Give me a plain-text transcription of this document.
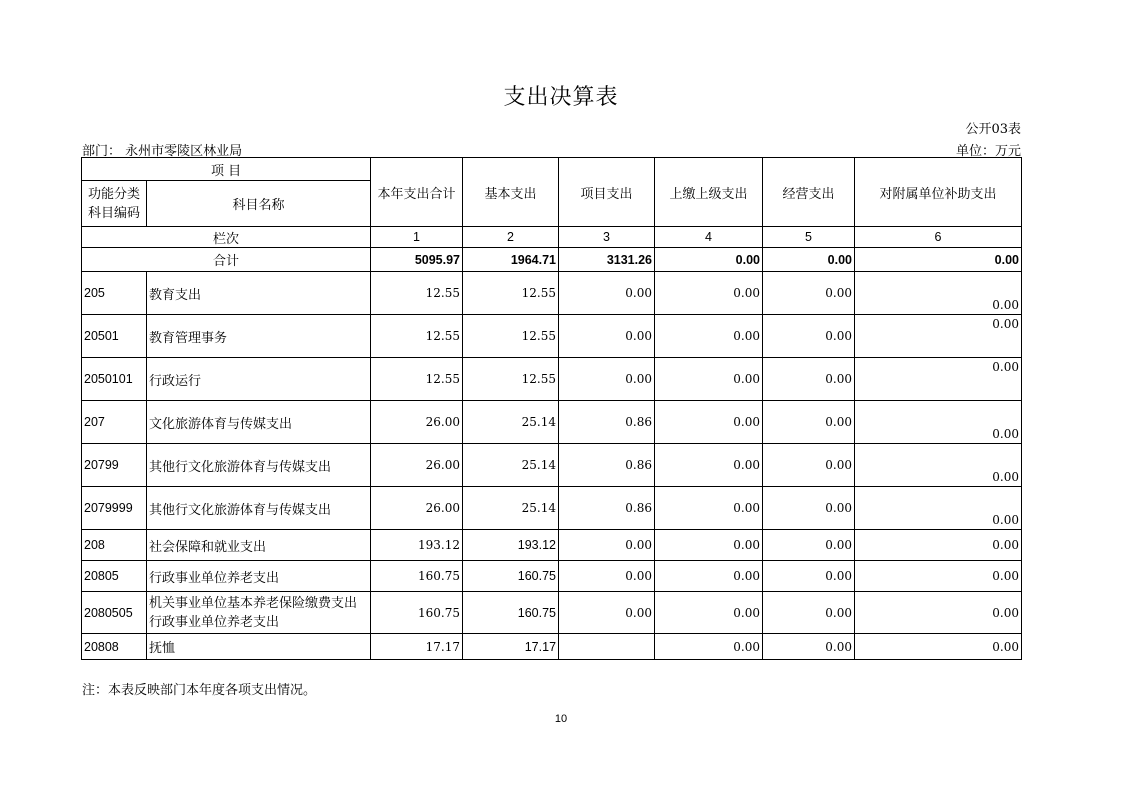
支出决算表
公开03表
部门： 永州市零陵区林业局	单位：万元
项 目		本年支出合计	基本支出	项目支出	上缴上级支出	经营支出	对附属单位补助支出
功能分类科目编码	科目名称						
栏次		1	2	3	4	5	6
合计		5095.97	1964.71	3131.26	0.00	0.00	0.00
205	教育支出	12.55	12.55	0.00	0.00	0.00	0.00
20501	教育管理事务	12.55	12.55	0.00	0.00	0.00	0.00
2050101	行政运行	12.55	12.55	0.00	0.00	0.00	0.00
207	文化旅游体育与传媒支出	26.00	25.14	0.86	0.00	0.00	0.00
20799	其他行文化旅游体育与传媒支出	26.00	25.14	0.86	0.00	0.00	0.00
2079999	其他行文化旅游体育与传媒支出	26.00	25.14	0.86	0.00	0.00	0.00
208	社会保障和就业支出	193.12	193.12	0.00	0.00	0.00	0.00
20805	行政事业单位养老支出	160.75	160.75	0.00	0.00	0.00	0.00
2080505	机关事业单位基本养老保险缴费支出行政事业单位养老支出	160.75	160.75	0.00	0.00	0.00	0.00
20808	抚恤	17.17	17.17		0.00	0.00	0.00
注：本表反映部门本年度各项支出情况。
10
